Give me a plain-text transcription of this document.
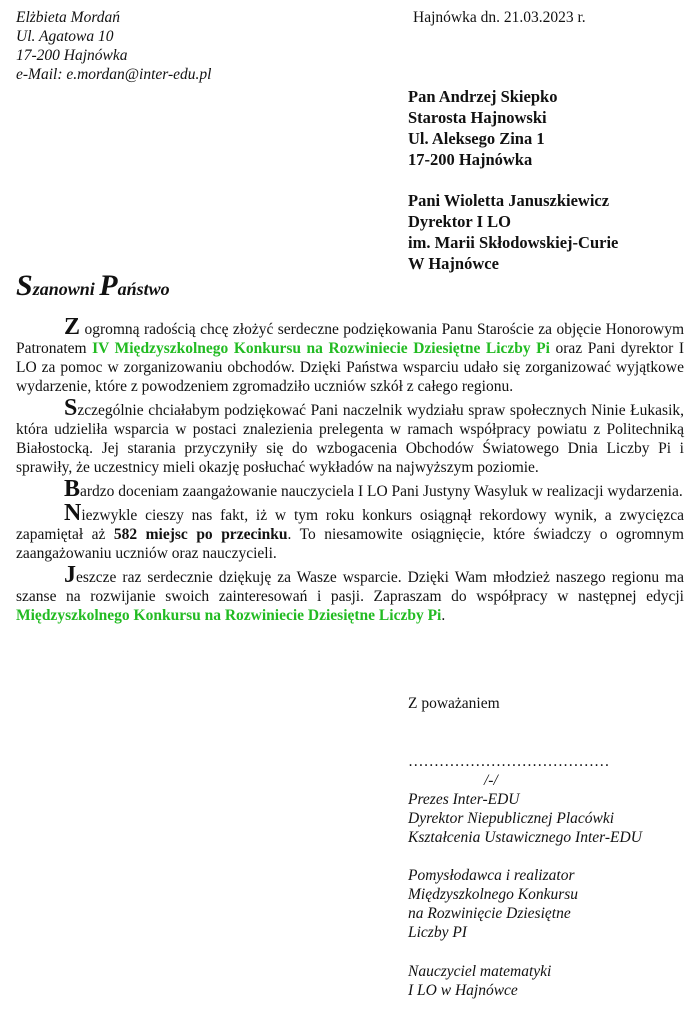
Elżbieta Mordań
Ul. Agatowa 10
17-200 Hajnówka
e-Mail: e.mordan@inter-edu.pl
Hajnówka dn. 21.03.2023 r.
Pan Andrzej Skiepko
Starosta Hajnowski
Ul. Aleksego Zina 1
17-200 Hajnówka
Pani Wioletta Januszkiewicz
Dyrektor I LO
im. Marii Skłodowskiej-Curie
W Hajnówce
Szanowni Państwo

Z ogromną radością chcę złożyć serdeczne podziękowania Panu Staroście za objęcie Honorowym Patronatem IV Międzyszkolnego Konkursu na Rozwiniecie Dziesiętne Liczby Pi oraz Pani dyrektor I LO za pomoc w zorganizowaniu obchodów. Dzięki Państwa wsparciu udało się zorganizować wyjątkowe wydarzenie, które z powodzeniem zgromadziło uczniów szkół z całego regionu.

Szczególnie chciałabym podziękować Pani naczelnik wydziału spraw społecznych Ninie Łukasik, która udzieliła wsparcia w postaci znalezienia prelegenta w ramach współpracy powiatu z Politechniką Białostocką. Jej starania przyczyniły się do wzbogacenia Obchodów Światowego Dnia Liczby Pi i sprawiły, że uczestnicy mieli okazję posłuchać wykładów na najwyższym poziomie.

Bardzo doceniam zaangażowanie nauczyciela I LO Pani Justyny Wasyluk w realizacji wydarzenia.

Niezwykle cieszy nas fakt, iż w tym roku konkurs osiągnął rekordowy wynik, a zwycięzca zapamiętał aż 582 miejsc po przecinku. To niesamowite osiągnięcie, które świadczy o ogromnym zaangażowaniu uczniów oraz nauczycieli.

Jeszcze raz serdecznie dziękuję za Wasze wsparcie. Dzięki Wam młodzież naszego regionu ma szanse na rozwijanie swoich zainteresowań i pasji. Zapraszam do współpracy w następnej edycji Międzyszkolnego Konkursu na Rozwiniecie Dziesiętne Liczby Pi.

Z poważaniem
…………………………………
/-/
Prezes Inter-EDU
Dyrektor Niepublicznej Placówki
Kształcenia Ustawicznego Inter-EDU
Pomysłodawca i realizator
Międzyszkolnego Konkursu
na Rozwinięcie Dziesiętne
Liczby PI
Nauczyciel matematyki
I LO w Hajnówce
